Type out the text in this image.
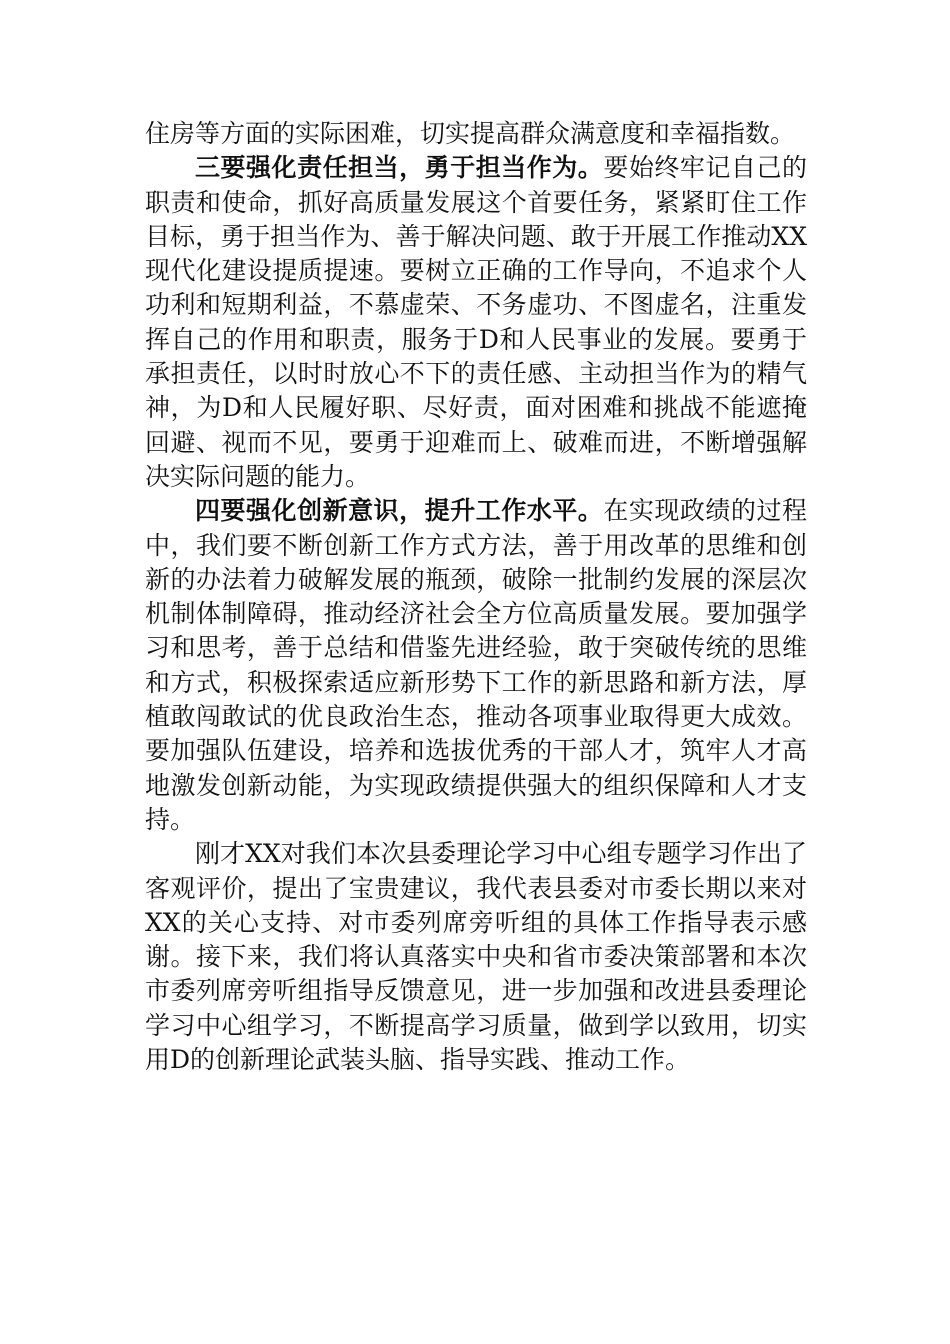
住房等方面的实际困难，切实提高群众满意度和幸福指数。

三要强化责任担当，勇于担当作为。要始终牢记自己的职责和使命，抓好高质量发展这个首要任务，紧紧盯住工作目标，勇于担当作为、善于解决问题、敢于开展工作推动XX现代化建设提质提速。要树立正确的工作导向，不追求个人功利和短期利益，不慕虚荣、不务虚功、不图虚名，注重发挥自己的作用和职责，服务于D和人民事业的发展。要勇于承担责任，以时时放心不下的责任感、主动担当作为的精气神，为D和人民履好职、尽好责，面对困难和挑战不能遮掩回避、视而不见，要勇于迎难而上、破难而进，不断增强解决实际问题的能力。

四要强化创新意识，提升工作水平。在实现政绩的过程中，我们要不断创新工作方式方法，善于用改革的思维和创新的办法着力破解发展的瓶颈，破除一批制约发展的深层次机制体制障碍，推动经济社会全方位高质量发展。要加强学习和思考，善于总结和借鉴先进经验，敢于突破传统的思维和方式，积极探索适应新形势下工作的新思路和新方法，厚植敢闯敢试的优良政治生态，推动各项事业取得更大成效。要加强队伍建设，培养和选拔优秀的干部人才，筑牢人才高地激发创新动能，为实现政绩提供强大的组织保障和人才支持。

刚才XX对我们本次县委理论学习中心组专题学习作出了客观评价，提出了宝贵建议，我代表县委对市委长期以来对XX的关心支持、对市委列席旁听组的具体工作指导表示感谢。接下来，我们将认真落实中央和省市委决策部署和本次市委列席旁听组指导反馈意见，进一步加强和改进县委理论学习中心组学习，不断提高学习质量，做到学以致用，切实用D的创新理论武装头脑、指导实践、推动工作。
